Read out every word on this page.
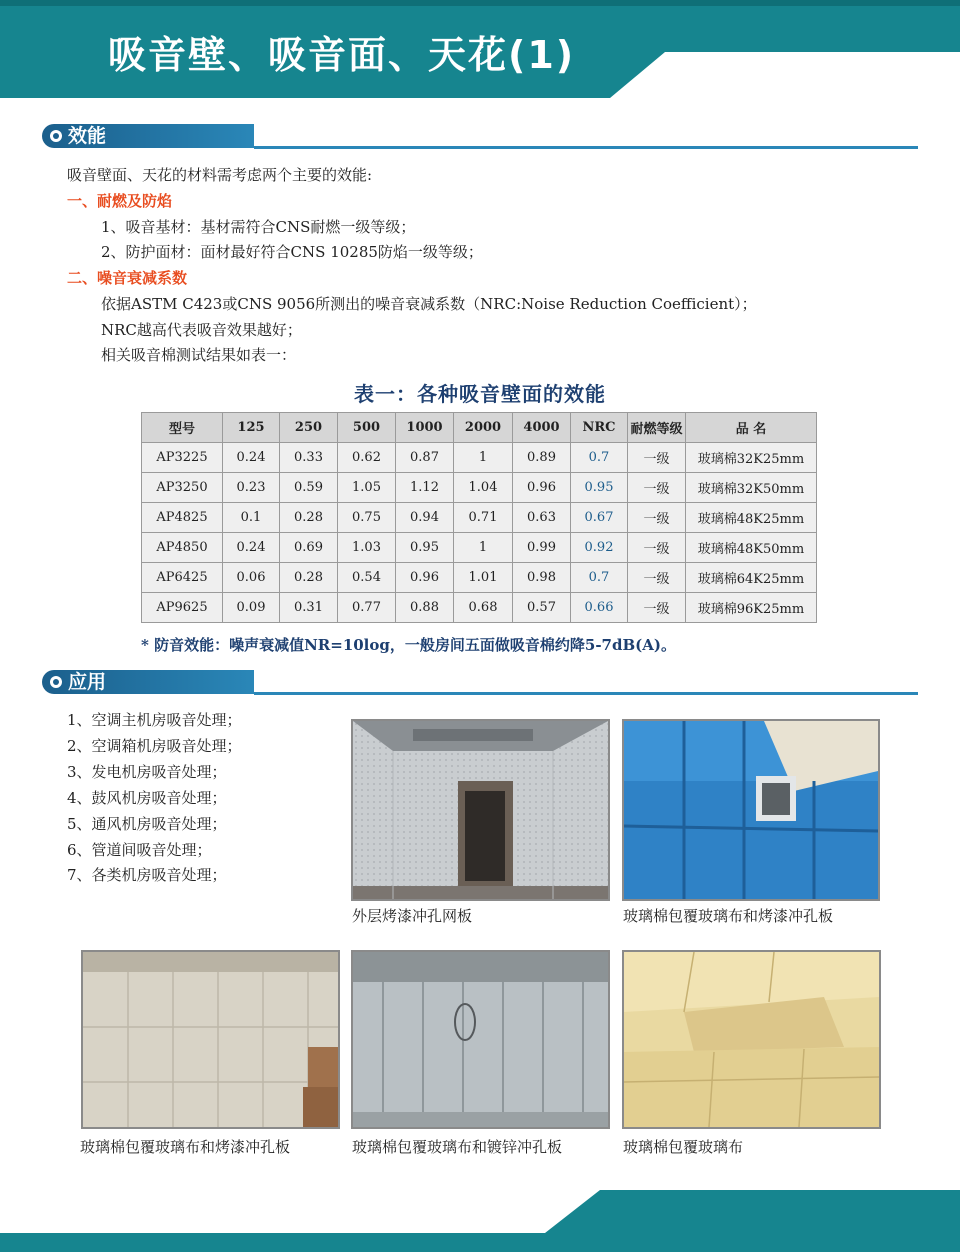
吸音壁、吸音面、天花(1)
效能
吸音壁面、天花的材料需考虑两个主要的效能:
一、耐燃及防焰
1、吸音基材：基材需符合CNS耐燃一级等级；
2、防护面材：面材最好符合CNS 10285防焰一级等级；
二、噪音衰减系数
依据ASTM C423或CNS 9056所测出的噪音衰减系数（NRC:Noise Reduction Coefficient）；
NRC越高代表吸音效果越好；
相关吸音棉测试结果如表一：
表一：各种吸音壁面的效能
型号	125	250	500	1000	2000	4000	NRC	耐燃等级	品 名
AP3225	0.24	0.33	0.62	0.87	1	0.89	0.7	一级	玻璃棉32K25mm
AP3250	0.23	0.59	1.05	1.12	1.04	0.96	0.95	一级	玻璃棉32K50mm
AP4825	0.1	0.28	0.75	0.94	0.71	0.63	0.67	一级	玻璃棉48K25mm
AP4850	0.24	0.69	1.03	0.95	1	0.99	0.92	一级	玻璃棉48K50mm
AP6425	0.06	0.28	0.54	0.96	1.01	0.98	0.7	一级	玻璃棉64K25mm
AP9625	0.09	0.31	0.77	0.88	0.68	0.57	0.66	一级	玻璃棉96K25mm
* 防音效能：噪声衰减值NR=10log，一般房间五面做吸音棉约降5-7dB(A)。
应用
1、空调主机房吸音处理；
2、空调箱机房吸音处理；
3、发电机房吸音处理；
4、鼓风机房吸音处理；
5、通风机房吸音处理；
6、管道间吸音处理；
7、各类机房吸音处理；
外层烤漆冲孔网板	玻璃棉包覆玻璃布和烤漆冲孔板
玻璃棉包覆玻璃布和烤漆冲孔板	玻璃棉包覆玻璃布和镀锌冲孔板	玻璃棉包覆玻璃布
